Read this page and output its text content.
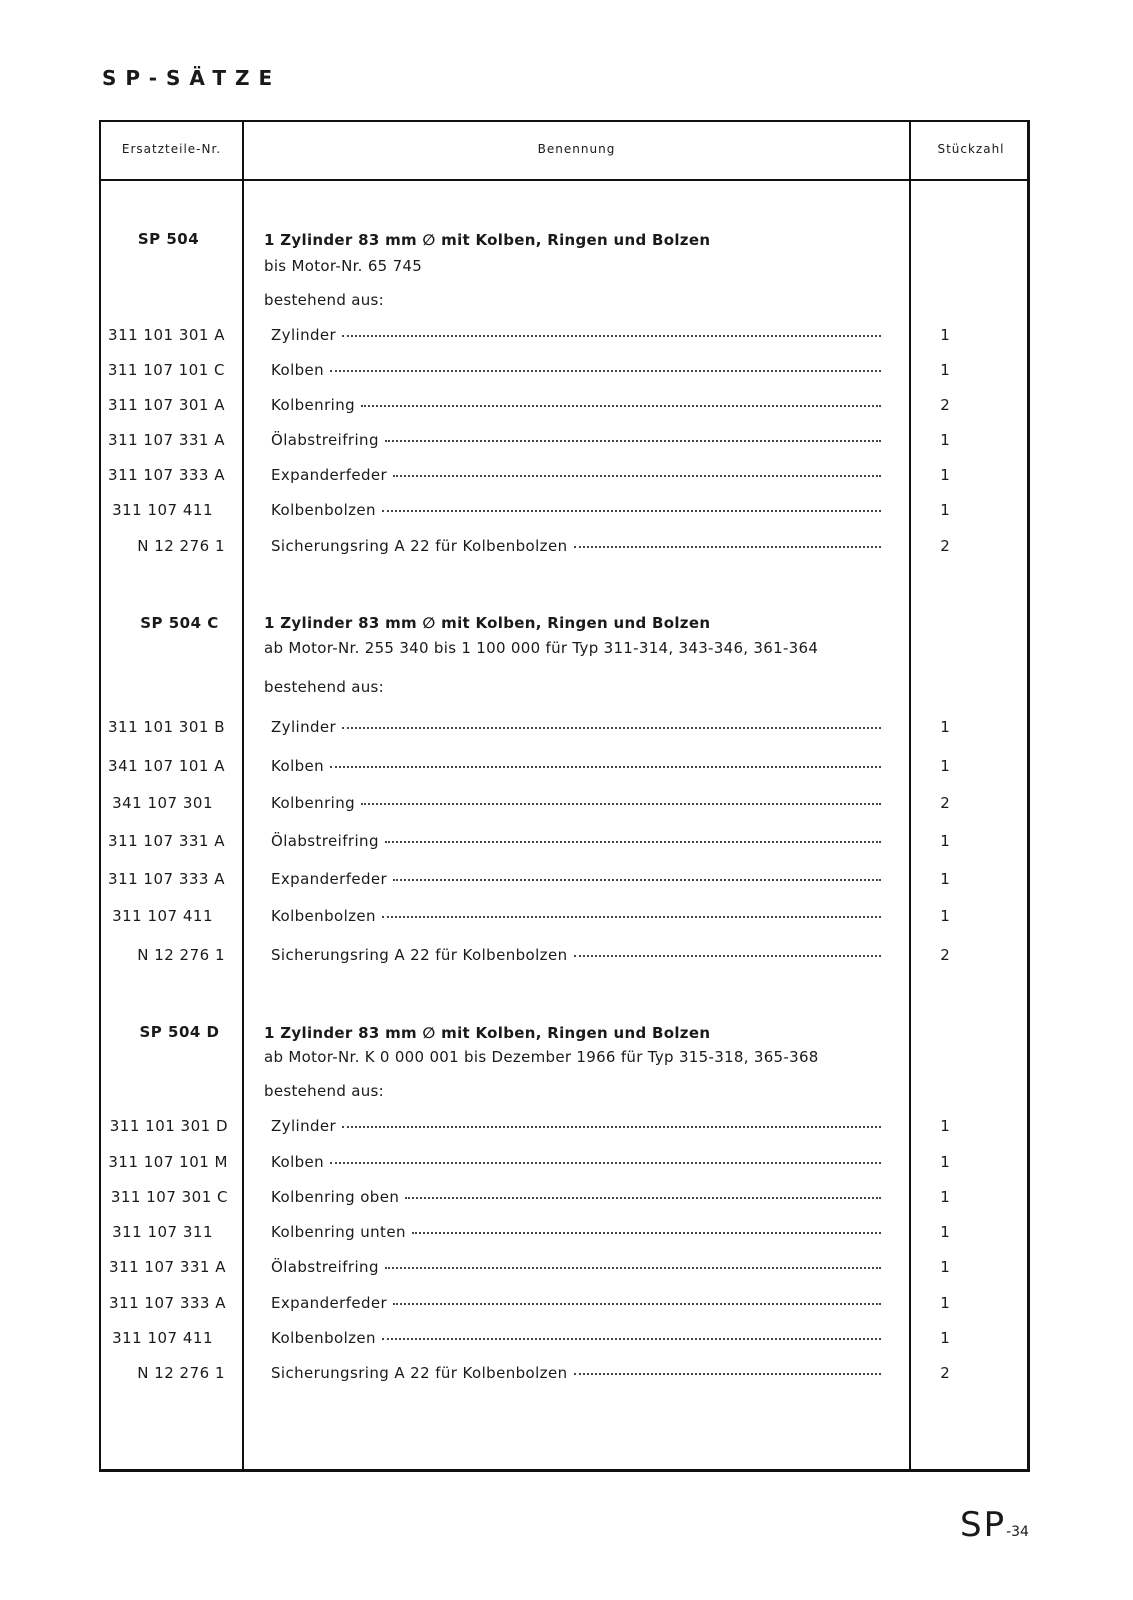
SP-SÄTZE
Ersatzteile-Nr.	Benennung	Stückzahl
SP 504	1 Zylinder 83 mm ∅ mit Kolben, Ringen und Bolzen
bis Motor-Nr. 65 745
bestehend aus:
311 101 301 A	Zylinder	1
311 107 101 C	Kolben	1
311 107 301 A	Kolbenring	2
311 107 331 A	Ölabstreifring	1
311 107 333 A	Expanderfeder	1
311 107 411	Kolbenbolzen	1
N 12 276 1	Sicherungsring A 22 für Kolbenbolzen	2
SP 504 C	1 Zylinder 83 mm ∅ mit Kolben, Ringen und Bolzen
ab Motor-Nr. 255 340 bis 1 100 000 für Typ 311-314, 343-346, 361-364
bestehend aus:
311 101 301 B	Zylinder	1
341 107 101 A	Kolben	1
341 107 301	Kolbenring	2
311 107 331 A	Ölabstreifring	1
311 107 333 A	Expanderfeder	1
311 107 411	Kolbenbolzen	1
N 12 276 1	Sicherungsring A 22 für Kolbenbolzen	2
SP 504 D	1 Zylinder 83 mm ∅ mit Kolben, Ringen und Bolzen
ab Motor-Nr. K 0 000 001 bis Dezember 1966 für Typ 315-318, 365-368
bestehend aus:
311 101 301 D	Zylinder	1
311 107 101 M	Kolben	1
311 107 301 C	Kolbenring oben	1
311 107 311	Kolbenring unten	1
311 107 331 A	Ölabstreifring	1
311 107 333 A	Expanderfeder	1
311 107 411	Kolbenbolzen	1
N 12 276 1	Sicherungsring A 22 für Kolbenbolzen	2
SP-34
